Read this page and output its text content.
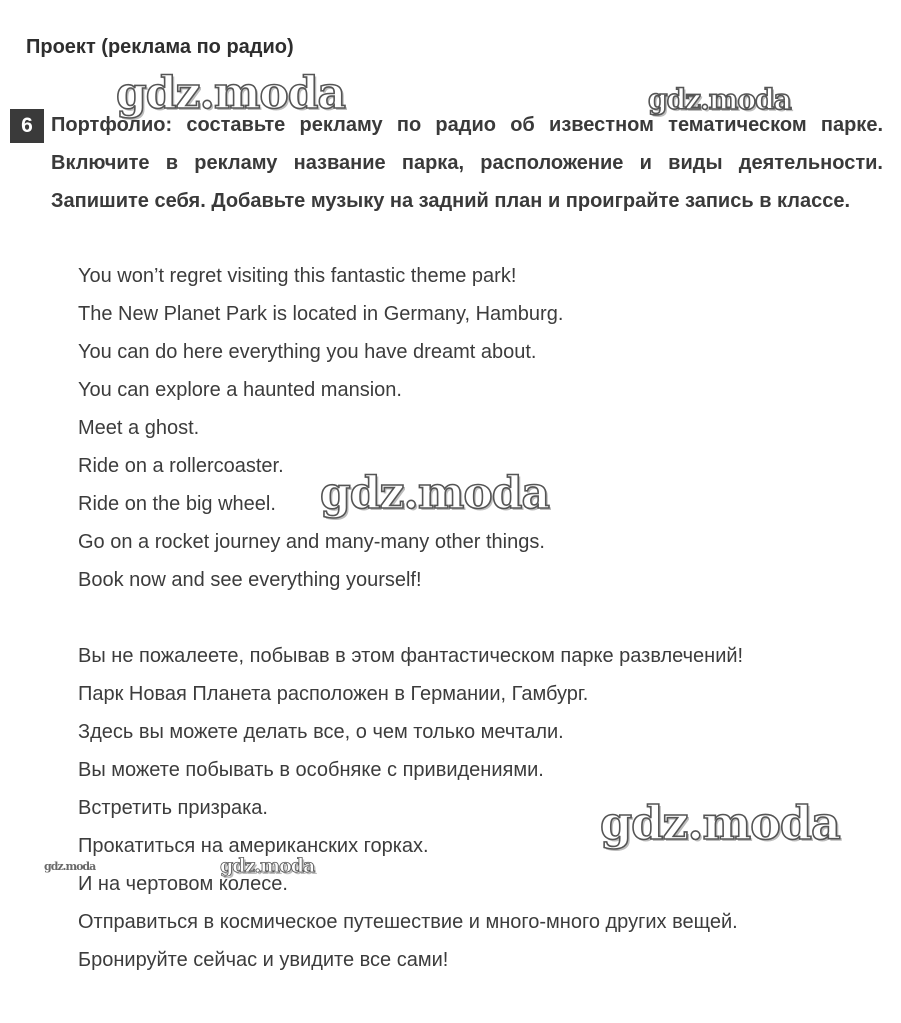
Проект (реклама по радио)
6 Портфолио: составьте рекламу по радио об известном тематическом парке. Включите в рекламу название парка, расположение и виды деятельности. Запишите себя. Добавьте музыку на задний план и проиграйте запись в классе.

You won’t regret visiting this fantastic theme park!
The New Planet Park is located in Germany, Hamburg.
You can do here everything you have dreamt about.
You can explore a haunted mansion.
Meet a ghost.
Ride on a rollercoaster.
Ride on the big wheel.
Go on a rocket journey and many-many other things.
Book now and see everything yourself!
Вы не пожалеете, побывав в этом фантастическом парке развлечений!
Парк Новая Планета расположен в Германии, Гамбург.
Здесь вы можете делать все, о чем только мечтали.
Вы можете побывать в особняке с привидениями.
Встретить призрака.
Прокатиться на американских горках.
И на чертовом колесе.
Отправиться в космическое путешествие и много-много других вещей.
Бронируйте сейчас и увидите все сами!
gdz.moda	gdz.moda
gdz.moda
gdz.moda
gdz.moda	gdz.moda
